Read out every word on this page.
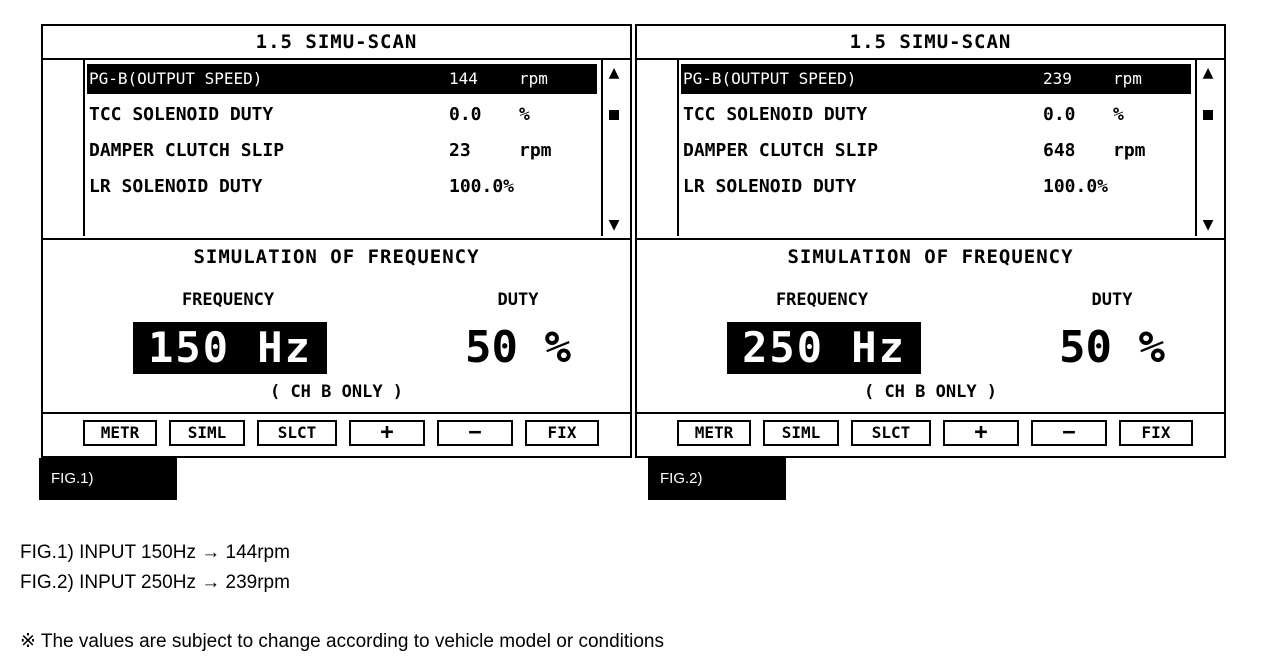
1.5 SIMU-SCAN
PG-B(OUTPUT SPEED)	144	rpm
TCC SOLENOID DUTY	0.0 %
DAMPER CLUTCH SLIP	23	rpm
LR SOLENOID DUTY	100.0%
▲
▼
SIMULATION OF FREQUENCY
FREQUENCY	DUTY
150 Hz	50 %
( CH B ONLY )
METR	SIML	SLCT	+	−	FIX
FIG.1)
1.5 SIMU-SCAN
PG-B(OUTPUT SPEED)	239	rpm
TCC SOLENOID DUTY	0.0 %
DAMPER CLUTCH SLIP	648 rpm
LR SOLENOID DUTY	100.0%
▲
▼
SIMULATION OF FREQUENCY
FREQUENCY	DUTY
250 Hz	50 %
( CH B ONLY )
METR	SIML	SLCT	+	−	FIX
FIG.2)
FIG.1) INPUT 150Hz → 144rpm
FIG.2) INPUT 250Hz → 239rpm
※ The values are subject to change according to vehicle model or conditions
